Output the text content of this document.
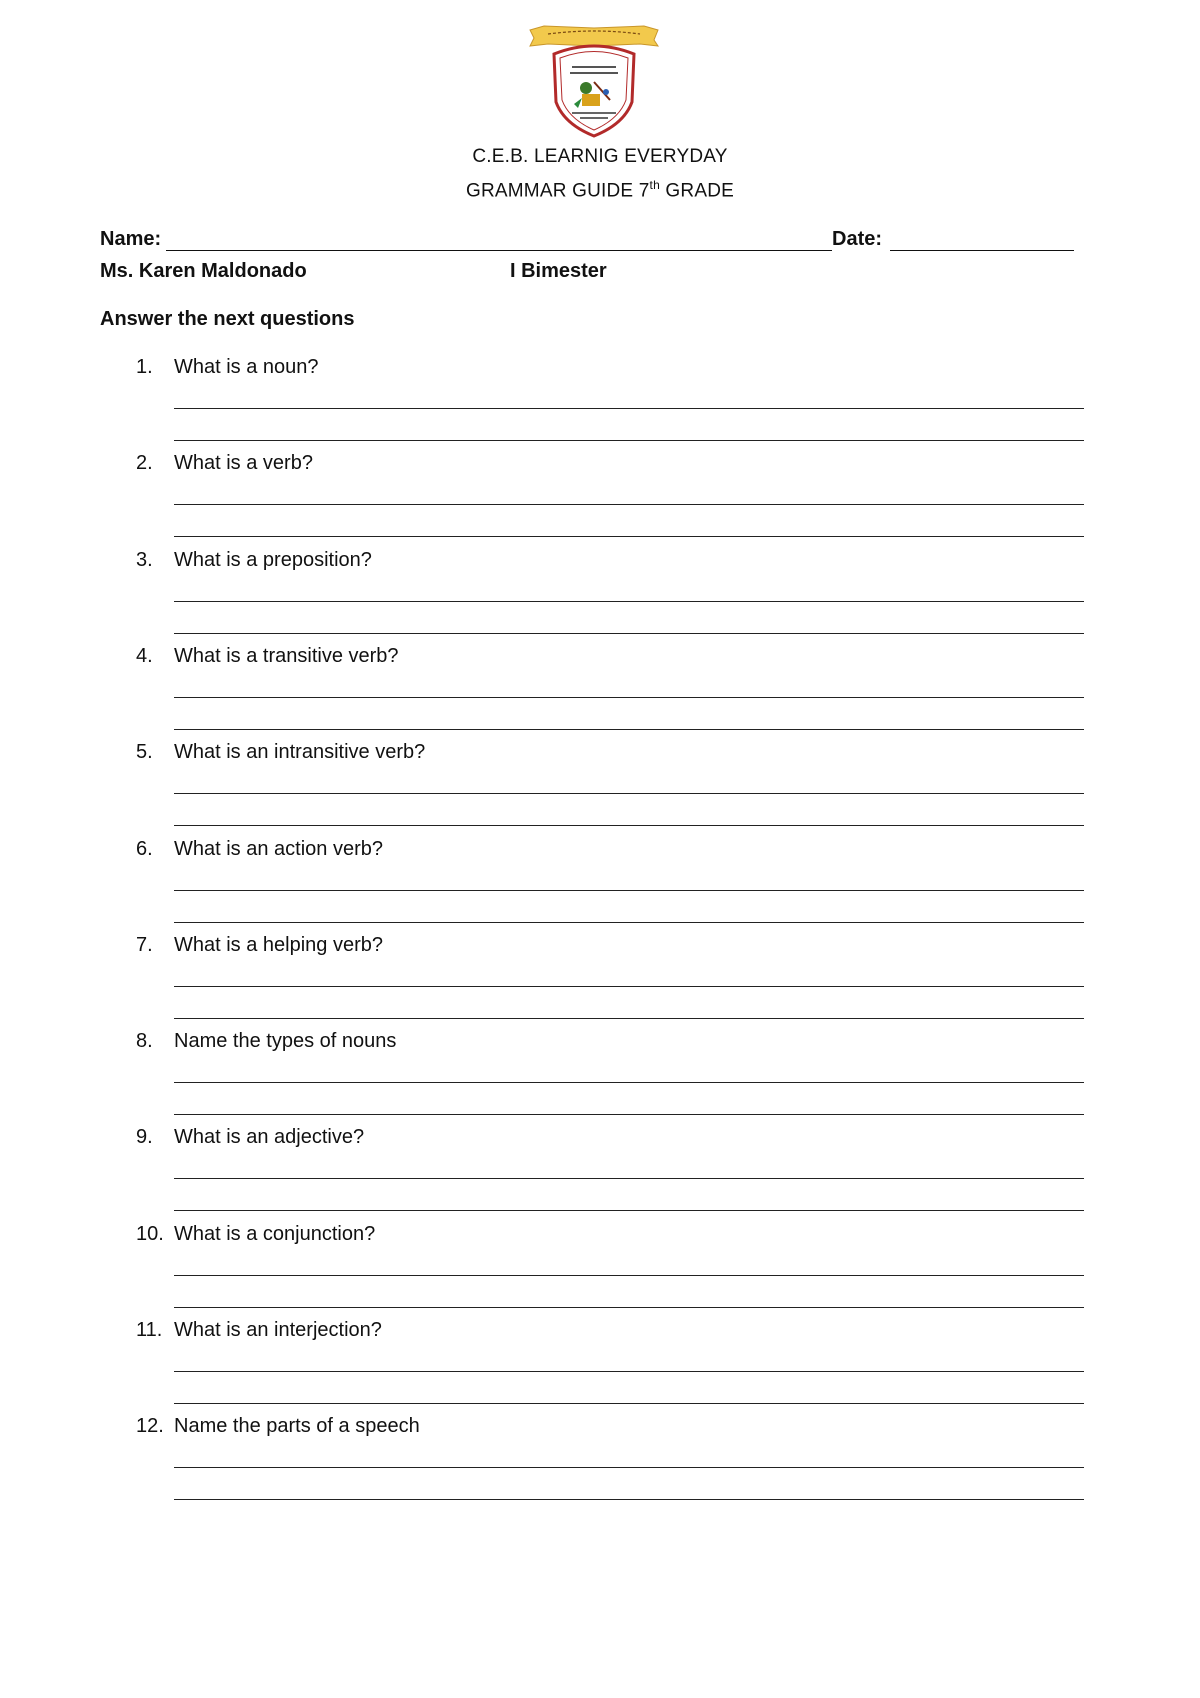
C.E.B. LEARNIG EVERYDAY
GRAMMAR GUIDE 7th GRADE
Name:	Date:
Ms. Karen Maldonado	I Bimester
Answer the next questions
1.	What is a noun?
2.	What is a verb?
3.	What is a preposition?
4.	What is a transitive verb?
5.	What is an intransitive verb?
6.	What is an action verb?
7.	What is a helping verb?
8.	Name the types of nouns
9.	What is an adjective?
10. What is a conjunction?
11. What is an interjection?
12. Name the parts of a speech
